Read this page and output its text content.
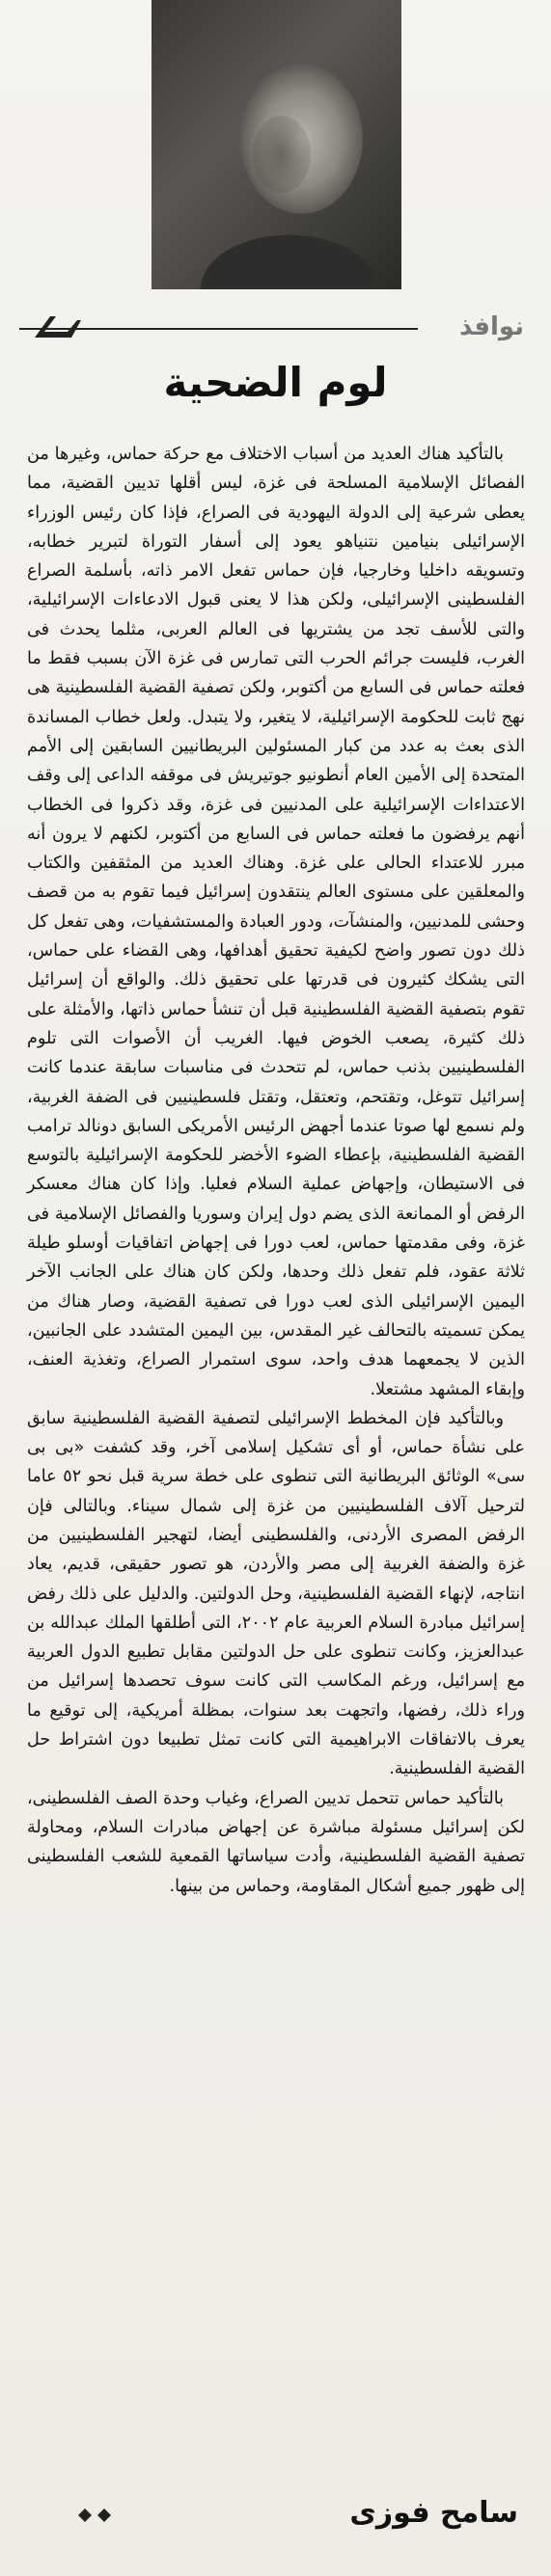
نوافذ
لوم الضحية

بالتأكيد هناك العديد من أسباب الاختلاف مع حركة حماس، وغيرها من الفصائل الإسلامية المسلحة فى غزة، ليس أقلها تديين القضية، مما يعطى شرعية إلى الدولة اليهودية فى الصراع، فإذا كان رئيس الوزراء الإسرائيلى بنيامين نتنياهو يعود إلى أسفار التوراة لتبرير خطابه، وتسويقه داخليا وخارجيا، فإن حماس تفعل الامر ذاته، بأسلمة الصراع الفلسطينى الإسرائيلى، ولكن هذا لا يعنى قبول الادعاءات الإسرائيلية، والتى للأسف تجد من يشتريها فى العالم العربى، مثلما يحدث فى الغرب، فليست جرائم الحرب التى تمارس فى غزة الآن بسبب فقط ما فعلته حماس فى السابع من أكتوبر، ولكن تصفية القضية الفلسطينية هى نهج ثابت للحكومة الإسرائيلية، لا يتغير، ولا يتبدل. ولعل خطاب المساندة الذى بعث به عدد من كبار المسئولين البريطانيين السابقين إلى الأمم المتحدة إلى الأمين العام أنطونيو جوتيريش فى موقفه الداعى إلى وقف الاعتداءات الإسرائيلية على المدنيين فى غزة، وقد ذكروا فى الخطاب أنهم يرفضون ما فعلته حماس فى السابع من أكتوبر، لكنهم لا يرون أنه مبرر للاعتداء الحالى على غزة. وهناك العديد من المثقفين والكتاب والمعلقين على مستوى العالم ينتقدون إسرائيل فيما تقوم به من قصف وحشى للمدنيين، والمنشآت، ودور العبادة والمستشفيات، وهى تفعل كل ذلك دون تصور واضح لكيفية تحقيق أهدافها، وهى القضاء على حماس، التى يشكك كثيرون فى قدرتها على تحقيق ذلك. والواقع أن إسرائيل تقوم بتصفية القضية الفلسطينية قبل أن تنشأ حماس ذاتها، والأمثلة على ذلك كثيرة، يصعب الخوض فيها. الغريب أن الأصوات التى تلوم الفلسطينيين بذنب حماس، لم تتحدث فى مناسبات سابقة عندما كانت إسرائيل تتوغل، وتقتحم، وتعتقل، وتقتل فلسطينيين فى الضفة الغربية، ولم نسمع لها صوتا عندما أجهض الرئيس الأمريكى السابق دونالد ترامب القضية الفلسطينية، بإعطاء الضوء الأخضر للحكومة الإسرائيلية بالتوسع فى الاستيطان، وإجهاض عملية السلام فعليا. وإذا كان هناك معسكر الرفض أو الممانعة الذى يضم دول إيران وسوريا والفصائل الإسلامية فى غزة، وفى مقدمتها حماس، لعب دورا فى إجهاض اتفاقيات أوسلو طيلة ثلاثة عقود، فلم تفعل ذلك وحدها، ولكن كان هناك على الجانب الآخر اليمين الإسرائيلى الذى لعب دورا فى تصفية القضية، وصار هناك من يمكن تسميته بالتحالف غير المقدس، بين اليمين المتشدد على الجانبين، الذين لا يجمعهما هدف واحد، سوى استمرار الصراع، وتغذية العنف، وإبقاء المشهد مشتعلا.

وبالتأكيد فإن المخطط الإسرائيلى لتصفية القضية الفلسطينية سابق على نشأة حماس، أو أى تشكيل إسلامى آخر، وقد كشفت «بى بى سى» الوثائق البريطانية التى تنطوى على خطة سرية قبل نحو ٥٢ عاما لترحيل آلاف الفلسطينيين من غزة إلى شمال سيناء. وبالتالى فإن الرفض المصرى الأردنى، والفلسطينى أيضا، لتهجير الفلسطينيين من غزة والضفة الغربية إلى مصر والأردن، هو تصور حقيقى، قديم، يعاد انتاجه، لإنهاء القضية الفلسطينية، وحل الدولتين. والدليل على ذلك رفض إسرائيل مبادرة السلام العربية عام ٢٠٠٢، التى أطلقها الملك عبدالله بن عبدالعزيز، وكانت تنطوى على حل الدولتين مقابل تطبيع الدول العربية مع إسرائيل، ورغم المكاسب التى كانت سوف تحصدها إسرائيل من وراء ذلك، رفضها، واتجهت بعد سنوات، بمظلة أمريكية، إلى توقيع ما يعرف بالاتفاقات الابراهيمية التى كانت تمثل تطبيعا دون اشتراط حل القضية الفلسطينية.

بالتأكيد حماس تتحمل تديين الصراع، وغياب وحدة الصف الفلسطينى، لكن إسرائيل مسئولة مباشرة عن إجهاض مبادرات السلام، ومحاولة تصفية القضية الفلسطينية، وأدت سياساتها القمعية للشعب الفلسطينى إلى ظهور جميع أشكال المقاومة، وحماس من بينها.

سامح فوزى
